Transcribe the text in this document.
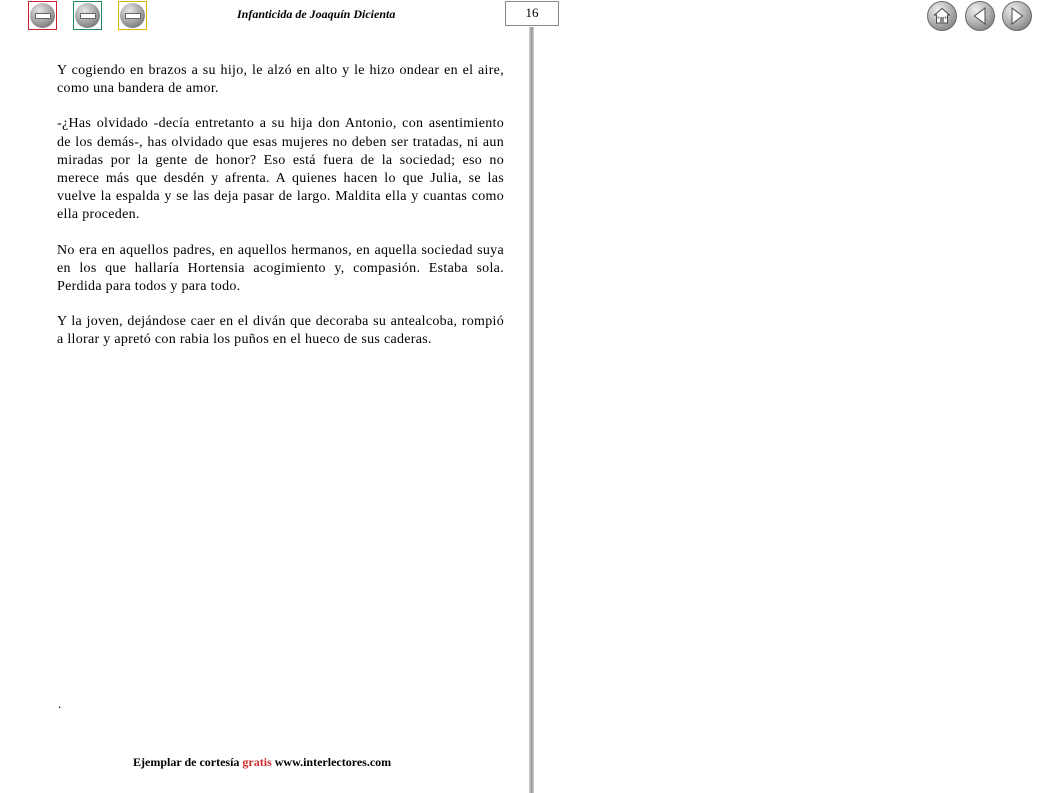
Infanticida de Joaquín Dicienta	16

Y cogiendo en brazos a su hijo, le alzó en alto y le hizo ondear en el aire, como una bandera de amor.

-¿Has olvidado -decía entretanto a su hija don Antonio, con asentimiento de los demás-, has olvidado que esas mujeres no deben ser tratadas, ni aun miradas por la gente de honor? Eso está fuera de la sociedad; eso no merece más que desdén y afrenta. A quienes hacen lo que Julia, se las vuelve la espalda y se las deja pasar de largo. Maldita ella y cuantas como ella proceden.

No era en aquellos padres, en aquellos hermanos, en aquella sociedad suya en los que hallaría Hortensia acogimiento y, compasión. Estaba sola. Perdida para todos y para todo.

Y la joven, dejándose caer en el diván que decoraba su antealcoba, rompió a llorar y apretó con rabia los puños en el hueco de sus caderas.

.
Ejemplar de cortesía gratis www.interlectores.com
